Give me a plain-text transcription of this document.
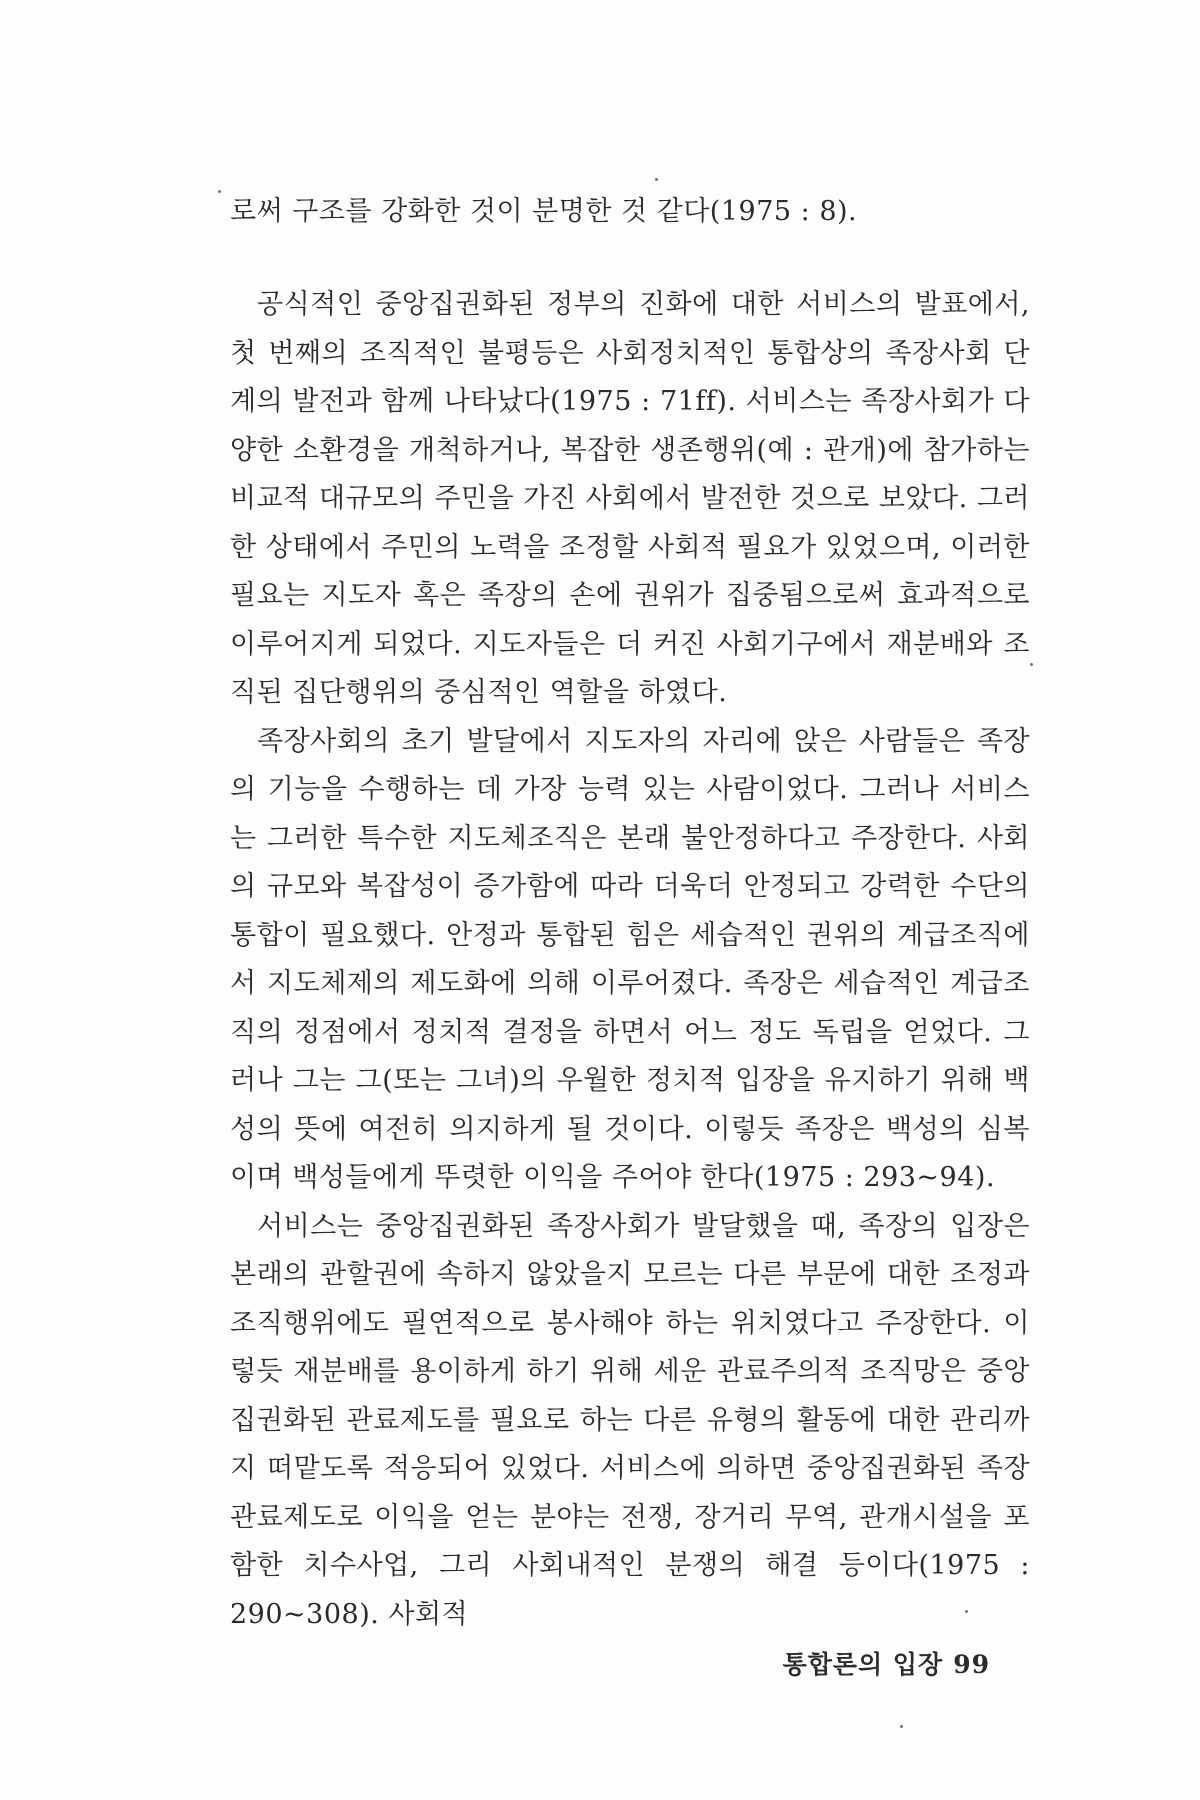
로써 구조를 강화한 것이 분명한 것 같다(1975 : 8).

공식적인 중앙집권화된 정부의 진화에 대한 서비스의 발표에서, 첫 번째의 조직적인 불평등은 사회정치적인 통합상의 족장사회 단계의 발전과 함께 나타났다(1975 : 71ff). 서비스는 족장사회가 다양한 소환경을 개척하거나, 복잡한 생존행위(예 : 관개)에 참가하는 비교적 대규모의 주민을 가진 사회에서 발전한 것으로 보았다. 그러한 상태에서 주민의 노력을 조정할 사회적 필요가 있었으며, 이러한 필요는 지도자 혹은 족장의 손에 권위가 집중됨으로써 효과적으로 이루어지게 되었다. 지도자들은 더 커진 사회기구에서 재분배와 조직된 집단행위의 중심적인 역할을 하였다.

족장사회의 초기 발달에서 지도자의 자리에 앉은 사람들은 족장의 기능을 수행하는 데 가장 능력 있는 사람이었다. 그러나 서비스는 그러한 특수한 지도체조직은 본래 불안정하다고 주장한다. 사회의 규모와 복잡성이 증가함에 따라 더욱더 안정되고 강력한 수단의 통합이 필요했다. 안정과 통합된 힘은 세습적인 권위의 계급조직에서 지도체제의 제도화에 의해 이루어졌다. 족장은 세습적인 계급조직의 정점에서 정치적 결정을 하면서 어느 정도 독립을 얻었다. 그러나 그는 그(또는 그녀)의 우월한 정치적 입장을 유지하기 위해 백성의 뜻에 여전히 의지하게 될 것이다. 이렇듯 족장은 백성의 심복이며 백성들에게 뚜렷한 이익을 주어야 한다(1975 : 293~94).

서비스는 중앙집권화된 족장사회가 발달했을 때, 족장의 입장은 본래의 관할권에 속하지 않았을지 모르는 다른 부문에 대한 조정과 조직행위에도 필연적으로 봉사해야 하는 위치였다고 주장한다. 이렇듯 재분배를 용이하게 하기 위해 세운 관료주의적 조직망은 중앙집권화된 관료제도를 필요로 하는 다른 유형의 활동에 대한 관리까지 떠맡도록 적응되어 있었다. 서비스에 의하면 중앙집권화된 족장관료제도로 이익을 얻는 분야는 전쟁, 장거리 무역, 관개시설을 포함한 치수사업, 그리 사회내적인 분쟁의 해결 등이다(1975 : 290~308). 사회적

통합론의 입장 99
